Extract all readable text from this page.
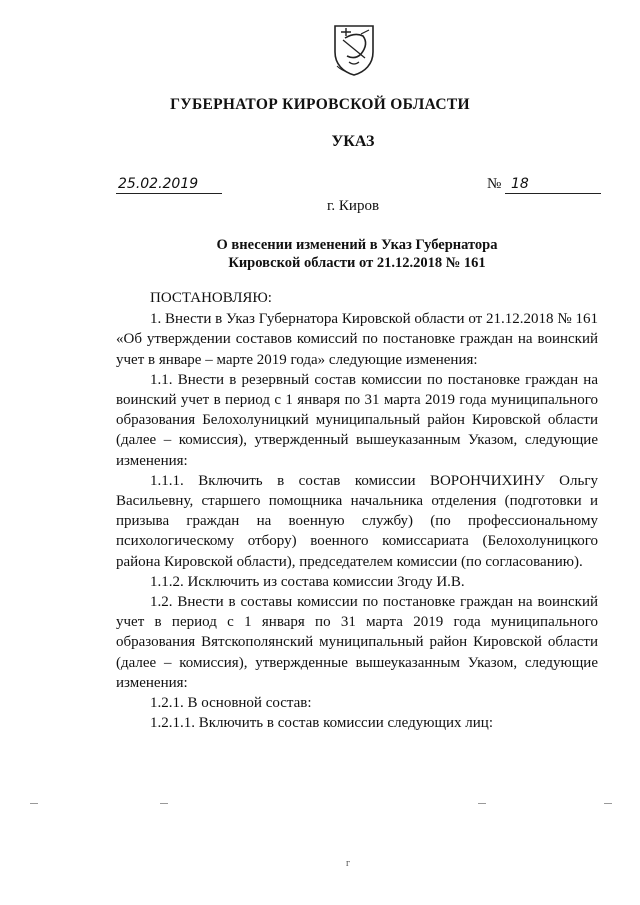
ГУБЕРНАТОР КИРОВСКОЙ ОБЛАСТИ
УКАЗ
25.02.2019	№ 18
г. Киров
О внесении изменений в Указ Губернатора
Кировской области от 21.12.2018 № 161

ПОСТАНОВЛЯЮ:

1. Внести в Указ Губернатора Кировской области от 21.12.2018 № 161 «Об утверждении составов комиссий по постановке граждан на воинский учет в январе – марте 2019 года» следующие изменения:

1.1. Внести в резервный состав комиссии по постановке граждан на воинский учет в период с 1 января по 31 марта 2019 года муниципального образования Белохолуницкий муниципальный район Кировской области (далее – комиссия), утвержденный вышеуказанным Указом, следующие изменения:

1.1.1. Включить в состав комиссии ВОРОНЧИХИНУ Ольгу Васильевну, старшего помощника начальника отделения (подготовки и призыва граждан на военную службу) (по профессиональному психологическому отбору) военного комиссариата (Белохолуницкого района Кировской области), председателем комиссии (по согласованию).

1.1.2. Исключить из состава комиссии Згоду И.В.

1.2. Внести в составы комиссии по постановке граждан на воинский учет в период с 1 января по 31 марта 2019 года муниципального образования Вятскополянский муниципальный район Кировской области (далее – комиссия), утвержденные вышеуказанным Указом, следующие изменения:

1.2.1. В основной состав:

1.2.1.1. Включить в состав комиссии следующих лиц:

г
